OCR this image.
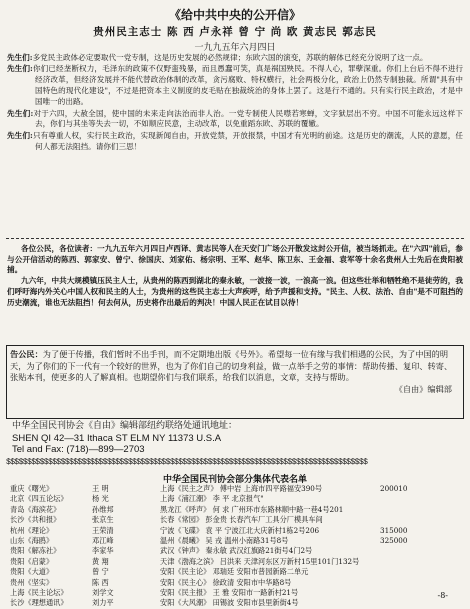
《给中共中央的公开信》
贵州民主志士 陈 西 卢永祥 曾 宁 尚 欧 黄志民 郭志民
一九九五年六月四日

先生们:多党民主政体必定要取代一党专制，这是历史发展的必然规律；东欧六国的演变，苏联的解体已经充分说明了这一点。

先生们:你们已经垄断权力，毛泽东的政策不仅野蛮残暴，而且愚蠢可笑，真是祸国殃民。不得人心，罪孽深重。你们上台后不得不进行经济改革，但经济发展并不能代替政治体制的改革，贪污腐败、特权横行，社会两极分化，政治上仍然专制独裁。所谓"具有中国特色的现代化建设"，不过是把资本主义制度的皮毛贴在独裁统治的身体上罢了。这是行不通的。只有实行民主政治，才是中国唯一的出路。

先生们:对于六四，大赦全国，使中国的未来走向法治而非人治。一党专制使人民噤若寒蝉，文字狱层出不穷。中国不可能永远这样下去，你们与其坐等失去一切，不如顺应民意，主动改革，以免重蹈东欧、苏联的覆辙。

先生们:只有尊重人权，实行民主政治，实现新闻自由，开放党禁，开放报禁，中国才有光明的前途。这是历史的潮流，人民的意愿，任何人都无法阻挡。请你们三思！

各位公民，各位读者：一九九五年六月四日卢西译、黄志民等人在天安门广场公开散发这封公开信，被当场抓走。在"六四"前后，参与公开信活动的陈西、郭家安、曾宁、徐国庆、刘家佑、杨宗明、王军、赵华、陈卫东、王金福、袁军等十余名贵州人士先后在贵阳被捕。

九六年，中共大规模镇压民主人士，从贵州的陈西到湖北的秦永敏，一波接一波，一浪高一浪。但这些壮举和牺牲绝不是徒劳的，我们呼吁海内外关心中国人权和民主的人士，为贵州的这些民主志士大声疾呼，给予声援和支持。"民主、人权、法治、自由"是不可阻挡的历史潮流，谁也无法阻挡！何去何从，历史将作出最后的判决！中国人民正在试目以待！

告公民：为了便于传播，我们暂时不出手刊，而不定期地出版《号外》。希望每一位有缘与我们相遇的公民，为了中国的明天，为了你们的下一代有一个较好的世界，也为了你们自己的切身利益，做一点举手之劳的事情：帮助传播、复印、转寄、张贴本刊，使更多的人了解真相。也期望你们与我们联系，给我们以消息，文章，支持与帮助。
《自由》编辑部
中华全国民刊协会《自由》编辑部纽约联络处通讯地址：
SHEN QI 42—31 Ithaca ST ELM NY 11373 U.S.A
Tel and Fax: (718)—899—2703
$$$$$$$$$$$$$$$$$$$$$$$$$$$$$$$$$$$$$$$$$$$$$$$$$$$$$$$$$$$$$$$$$$$$$$$$$$$$$$$$$$$$$$
中华全国民刊协会部分集体代表名单
重庆《曙光》	王 明	上海《民主之声》 傅中岩 上海市四平路福安390号	200010
北京《四五论坛》	杨 光	上海《浦江潮》 李 平 北京报气"
青岛《海滨花》	孙维邦	黑龙江《呼声》 何 求 广州环市东路林顺中路一巷4号201
长沙《共和报》	张京生	长春《常园》 彭金贵 长春汽车厂工具分厂模具车间
杭州《理论》	王荣清	宁波《飞碟》 袁 平 宁波江北大庆新村1栋2号206	315000
山东《海鸥》	邓江峰	温州《晨曦》 吴 戎 温州小南路31号8号	325000
贵阳《解冻社》	李家华	武汉《钟声》 秦永敏 武汉红旗路21街号4门2号
贵阳《启蒙》	黄 翔	天津《渤海之滨》 吕洪来 天津河东区万新村15里101门132号
贵阳《大道》	曾 宁	安阳《民主论》 邓瑞廷 安阳市普园新路二单元
贵州《坚实》	陈 西	安阳《民主心》 徐政清 安阳市中华路8号
上海《民主论坛》	刘学文	安阳《民主报》 王 雅 安阳市一路新村21号
长沙《理想通讯》	刘力平	安阳《大风潮》 田锡波 安阳市县里新街4号
-8-
